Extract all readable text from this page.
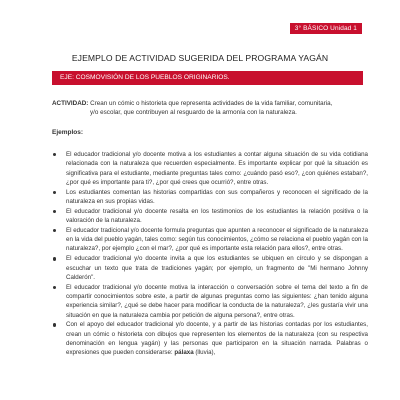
3° BÁSICO Unidad 1
EJEMPLO DE ACTIVIDAD SUGERIDA DEL PROGRAMA YAGÁN
EJE: COSMOVISIÓN DE LOS PUEBLOS ORIGINARIOS.
ACTIVIDAD: Crean un cómic o historieta que representa actividades de la vida familiar, comunitaria,
y/o escolar, que contribuyen al resguardo de la armonía con la naturaleza.
Ejemplos:
El educador tradicional y/o docente motiva a los estudiantes a contar alguna situación de su vida cotidiana relacionada con la naturaleza que recuerden especialmente. Es importante explicar por qué la situación es significativa para el estudiante, mediante preguntas tales como: ¿cuándo pasó eso?, ¿con quiénes estaban?, ¿por qué es importante para ti?, ¿por qué crees que ocurrió?, entre otras.
Los estudiantes comentan las historias compartidas con sus compañeros y reconocen el significado de la naturaleza en sus propias vidas.
El educador tradicional y/o docente resalta en los testimonios de los estudiantes la relación positiva o la valoración de la naturaleza.
El educador tradicional y/o docente formula preguntas que apunten a reconocer el significado de la naturaleza en la vida del pueblo yagán, tales como: según tus conocimientos, ¿cómo se relaciona el pueblo yagán con la naturaleza?, por ejemplo ¿con el mar?, ¿por qué es importante esta relación para ellos?, entre otras.
El educador tradicional y/o docente invita a que los estudiantes se ubiquen en círculo y se dispongan a escuchar un texto que trata de tradiciones yagán; por ejemplo, un fragmento de "Mi hermano Johnny Calderón".
El educador tradicional y/o docente motiva la interacción o conversación sobre el tema del texto a fin de compartir conocimientos sobre este, a partir de algunas preguntas como las siguientes: ¿han tenido alguna experiencia similar?, ¿qué se debe hacer para modificar la conducta de la naturaleza?, ¿les gustaría vivir una situación en que la naturaleza cambia por petición de alguna persona?, entre otras.
Con el apoyo del educador tradicional y/o docente, y a partir de las historias contadas por los estudiantes, crean un cómic o historieta con dibujos que representen los elementos de la naturaleza (con su respectiva denominación en lengua yagán) y las personas que participaron en la situación narrada. Palabras o expresiones que pueden considerarse: pálaxa (lluvia),
